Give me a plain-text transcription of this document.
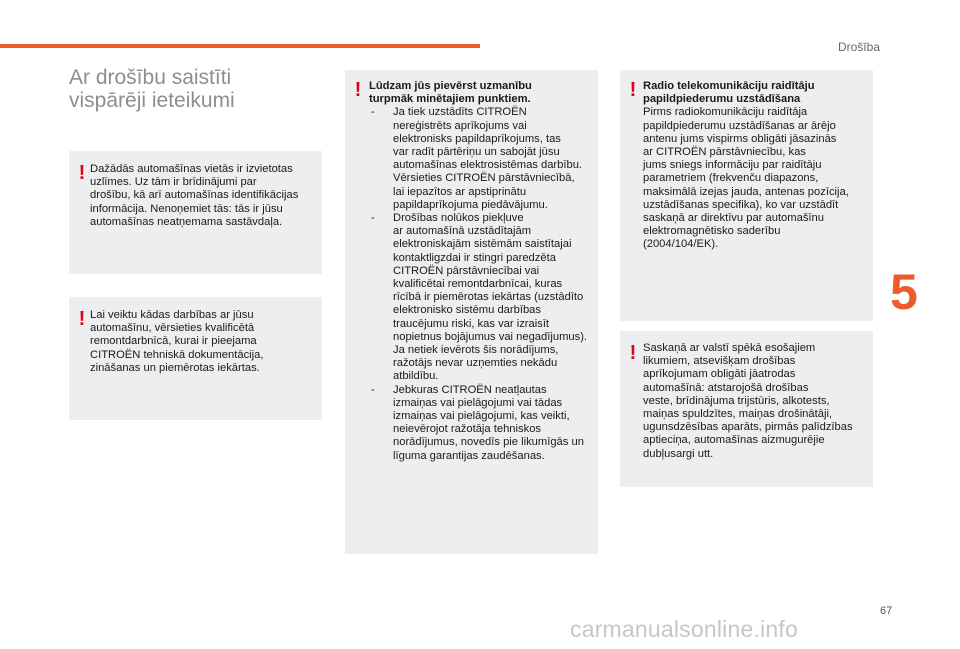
Drošība
Ar drošību saistīti
vispārēji ieteikumi
! Dažādās automašīnas vietās ir izvietotas

uzlīmes. Uz tām ir brīdinājumi par

drošību, kā arī automašīnas identifikācijas

informācija. Nenoņemiet tās: tās ir jūsu

automašīnas neatņemama sastāvdaļa.

! Lai veiktu kādas darbības ar jūsu

automašīnu, vērsieties kvalificētā

remontdarbnīcā, kurai ir pieejama

CITROËN tehniskā dokumentācija,

zināšanas un piemērotas iekārtas.

! Lūdzam jūs pievērst uzmanību

turpmāk minētajiem punktiem.

- Ja tiek uzstādīts CITROËN

nereģistrēts aprīkojums vai

elektronisks papildaprīkojums, tas

var radīt pārtēriņu un sabojāt jūsu

automašīnas elektrosistēmas darbību.

Vērsieties CITROËN pārstāvniecībā,

lai iepazītos ar apstiprinātu

papildaprīkojuma piedāvājumu.

- Drošības nolūkos piekļuve

ar automašīnā uzstādītajām

elektroniskajām sistēmām saistītajai

kontaktligzdai ir stingri paredzēta

CITROËN pārstāvniecībai vai

kvalificētai remontdarbnīcai, kuras

rīcībā ir piemērotas iekārtas (uzstādīto

elektronisko sistēmu darbības

traucējumu riski, kas var izraisīt

nopietnus bojājumus vai negadījumus).

Ja netiek ievērots šis norādījums,

ražotājs nevar uzņemties nekādu

atbildību.

- Jebkuras CITROËN neatļautas

izmaiņas vai pielāgojumi vai tādas

izmaiņas vai pielāgojumi, kas veikti,

neievērojot ražotāja tehniskos

norādījumus, novedīs pie likumīgās un

līguma garantijas zaudēšanas.

! Radio telekomunikāciju raidītāju

papildpiederumu uzstādīšana

Pirms radiokomunikāciju raidītāja

papildpiederumu uzstādīšanas ar ārējo

antenu jums vispirms obligāti jāsazinās

ar CITROËN pārstāvniecību, kas

jums sniegs informāciju par raidītāju

parametriem (frekvenču diapazons,

maksimālā izejas jauda, antenas pozīcija,

uzstādīšanas specifika), ko var uzstādīt

saskaņā ar direktīvu par automašīnu

elektromagnētisko saderību

(2004/104/EK).

! Saskaņā ar valstī spēkā esošajiem

likumiem, atsevišķam drošības

aprīkojumam obligāti jāatrodas

automašīnā: atstarojošā drošības

veste, brīdinājuma trijstūris, alkotests,

maiņas spuldzītes, maiņas drošinātāji,

ugunsdzēsības aparāts, pirmās palīdzības

aptieciņa, automašīnas aizmugurējie

dubļusargi utt.

5
67
carmanualsonline.info
